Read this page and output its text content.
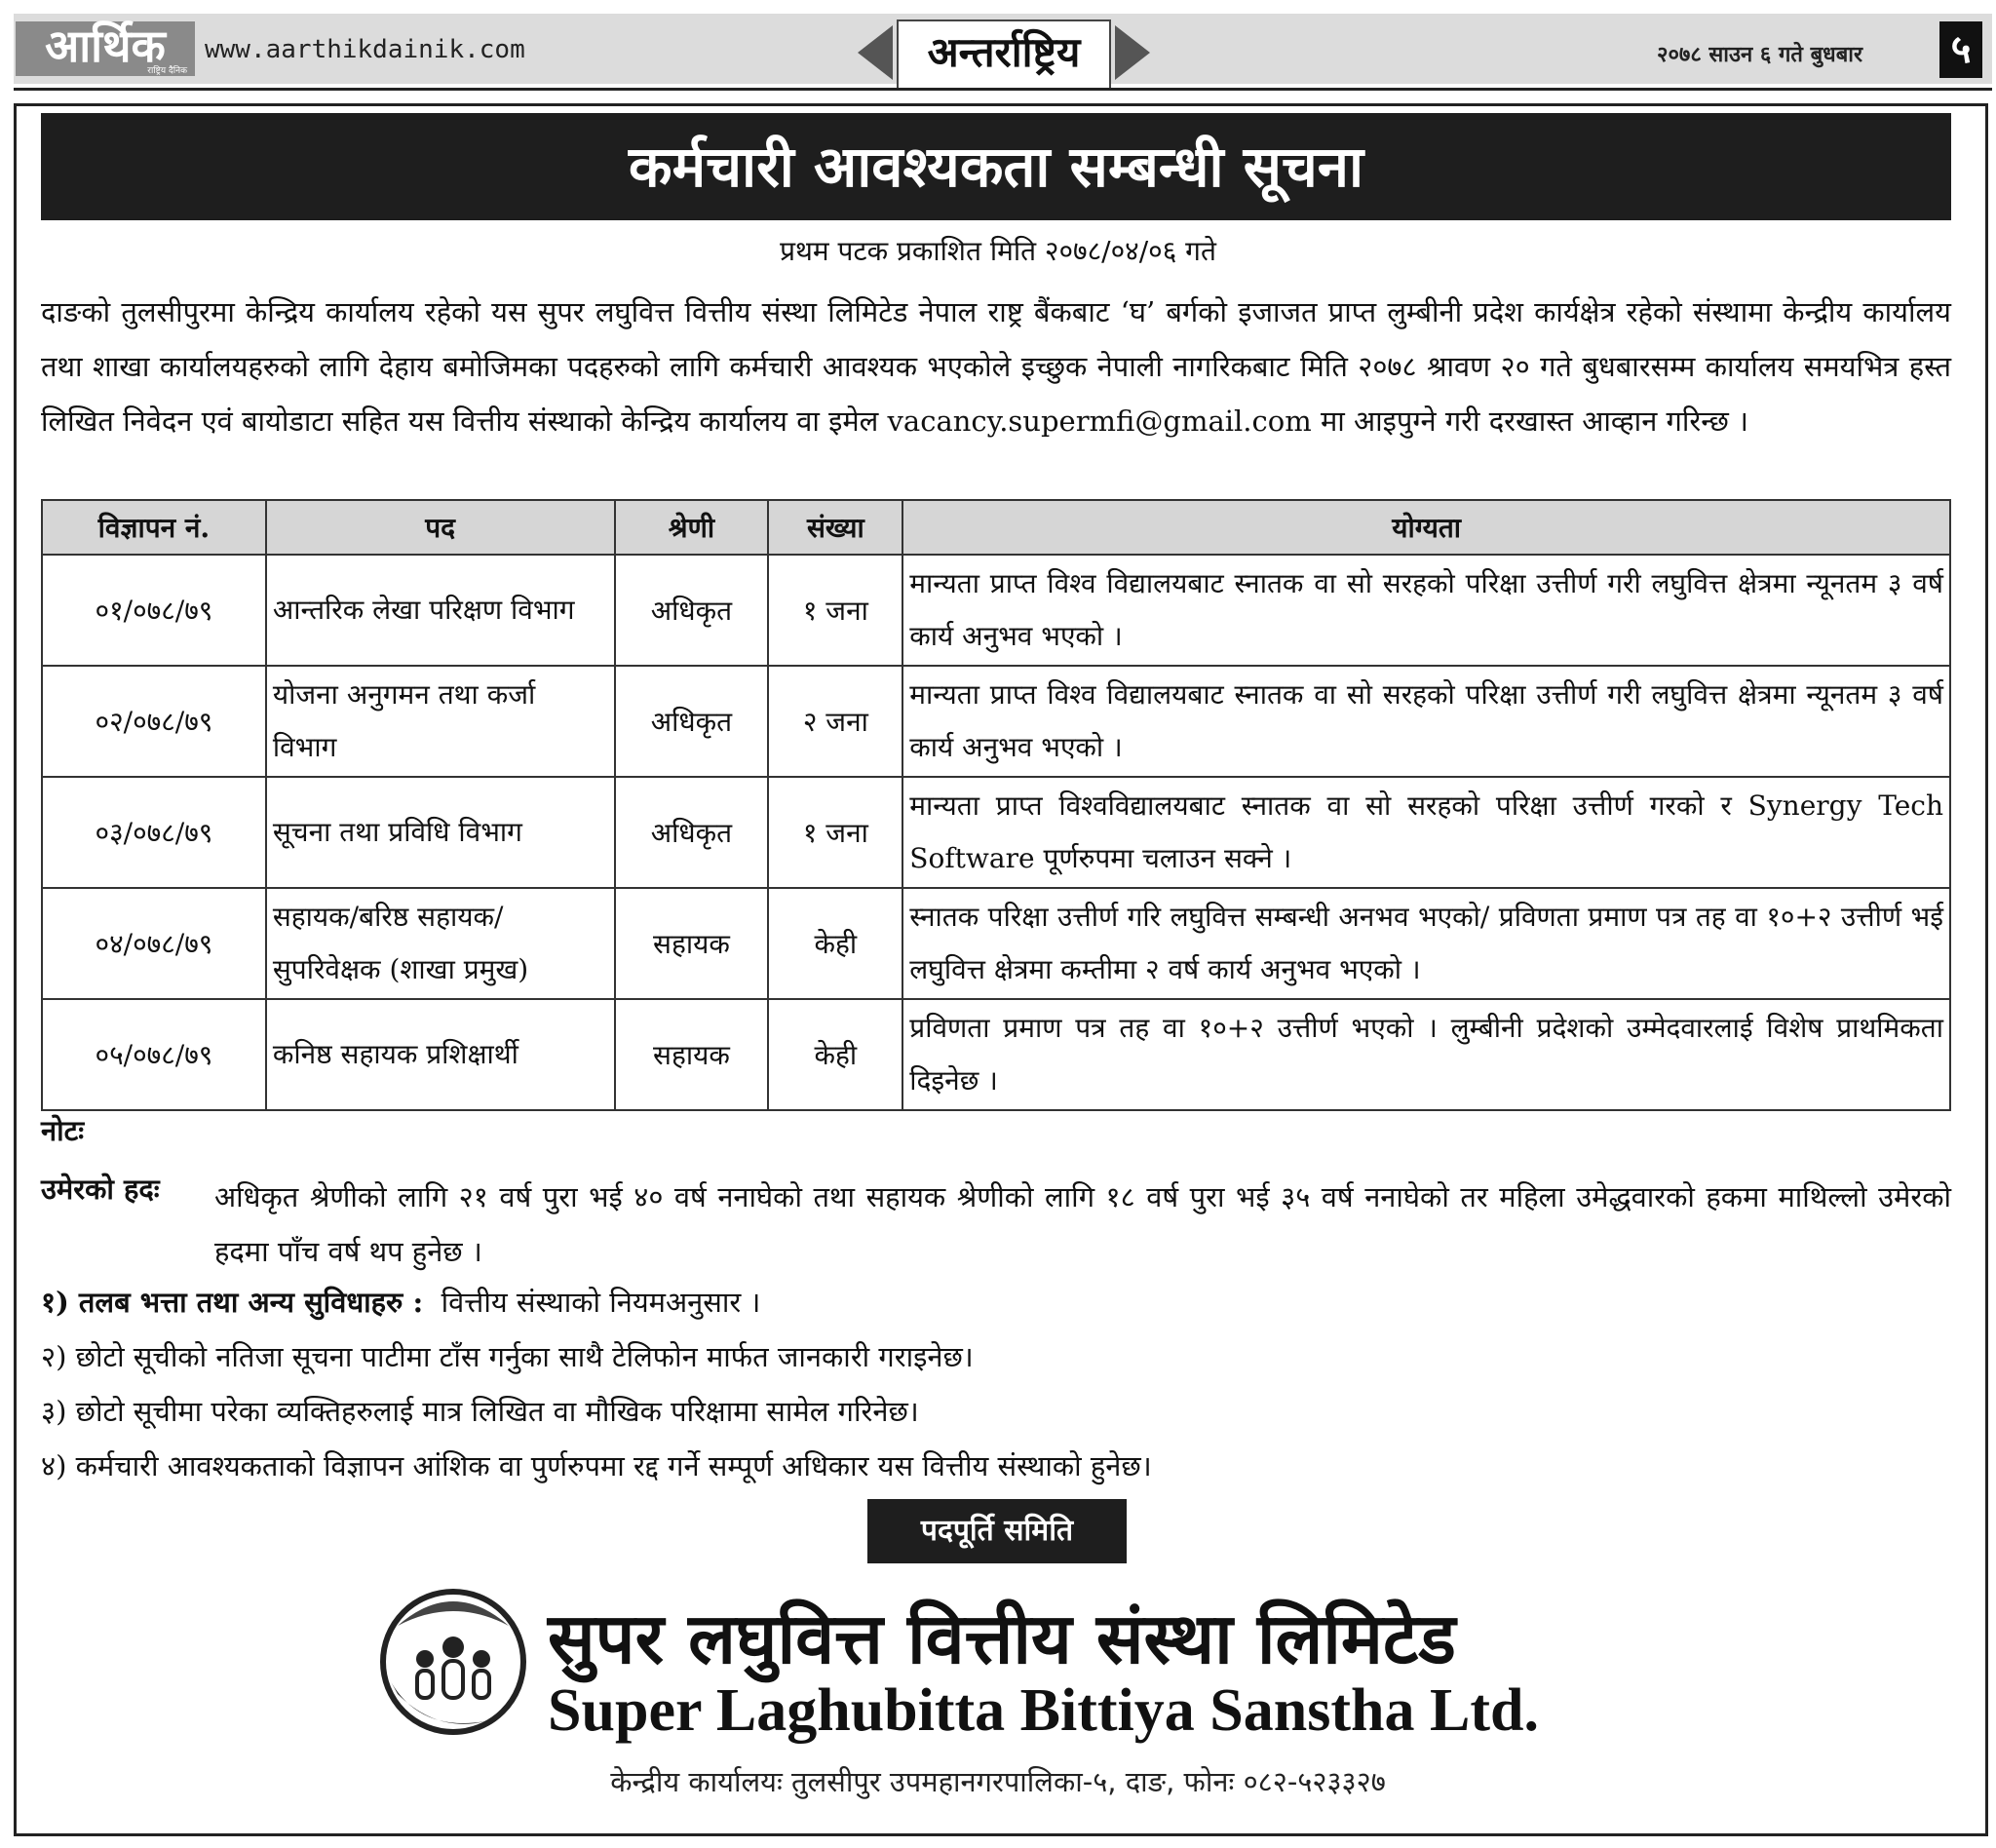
आर्थिक
राष्ट्रिय दैनिक
www.aarthikdainik.com	अन्तर्राष्ट्रिय	२०७८ साउन ६ गते बुधबार ५
कर्मचारी आवश्यकता सम्बन्धी सूचना
प्रथम पटक प्रकाशित मिति २०७८/०४/०६ गते
दाङको तुलसीपुरमा केन्द्रिय कार्यालय रहेको यस सुपर लघुवित्त वित्तीय संस्था लिमिटेड नेपाल राष्ट्र बैंकबाट ‘घ’ बर्गको इजाजत प्राप्त लुम्बीनी प्रदेश कार्यक्षेत्र रहेको संस्थामा केन्द्रीय कार्यालय तथा शाखा कार्यालयहरुको लागि देहाय बमोजिमका पदहरुको लागि कर्मचारी आवश्यक भएकोले इच्छुक नेपाली नागरिकबाट मिति २०७८ श्रावण २० गते बुधबारसम्म कार्यालय समयभित्र हस्त लिखित निवेदन एवं बायोडाटा सहित यस वित्तीय संस्थाको केन्द्रिय कार्यालय वा इमेल vacancy.supermfi@gmail.com मा आइपुग्ने गरी दरखास्त आव्हान गरिन्छ ।
विज्ञापन नं.	पद	श्रेणी	संख्या	योग्यता
०१/०७८/७९	आन्तरिक लेखा परिक्षण विभाग	अधिकृत	१ जना	मान्यता प्राप्त विश्व विद्यालयबाट स्नातक वा सो सरहको परिक्षा उत्तीर्ण गरी लघुवित्त क्षेत्रमा न्यूनतम ३ वर्ष कार्य अनुभव भएको ।
०२/०७८/७९	योजना अनुगमन तथा कर्जा विभाग	अधिकृत	२ जना	मान्यता प्राप्त विश्व विद्यालयबाट स्नातक वा सो सरहको परिक्षा उत्तीर्ण गरी लघुवित्त क्षेत्रमा न्यूनतम ३ वर्ष कार्य अनुभव भएको ।
०३/०७८/७९	सूचना तथा प्रविधि विभाग	अधिकृत	१ जना	मान्यता प्राप्त विश्वविद्यालयबाट स्नातक वा सो सरहको परिक्षा उत्तीर्ण गरको र Synergy Tech Software पूर्णरुपमा चलाउन सक्ने ।
०४/०७८/७९	सहायक/बरिष्ठ सहायक/ सुपरिवेक्षक (शाखा प्रमुख)	सहायक	केही	स्नातक परिक्षा उत्तीर्ण गरि लघुवित्त सम्बन्धी अनभव भएको/ प्रविणता प्रमाण पत्र तह वा १०+२ उत्तीर्ण भई लघुवित्त क्षेत्रमा कम्तीमा २ वर्ष कार्य अनुभव भएको ।
०५/०७८/७९	कनिष्ठ सहायक प्रशिक्षार्थी	सहायक	केही	प्रविणता प्रमाण पत्र तह वा १०+२ उत्तीर्ण भएको । लुम्बीनी प्रदेशको उम्मेदवारलाई विशेष प्राथमिकता दिइनेछ ।
नोटः
उमेरको हदः अधिकृत श्रेणीको लागि २१ वर्ष पुरा भई ४० वर्ष ननाघेको तथा सहायक श्रेणीको लागि १८ वर्ष पुरा भई ३५ वर्ष ननाघेको तर महिला उमेद्धवारको हकमा माथिल्लो उमेरको हदमा पाँच वर्ष थप हुनेछ ।
१) तलब भत्ता तथा अन्य सुविधाहरु : वित्तीय संस्थाको नियमअनुसार ।
२) छोटो सूचीको नतिजा सूचना पाटीमा टाँस गर्नुका साथै टेलिफोन मार्फत जानकारी गराइनेछ।
३) छोटो सूचीमा परेका व्यक्तिहरुलाई मात्र लिखित वा मौखिक परिक्षामा सामेल गरिनेछ।
४) कर्मचारी आवश्यकताको विज्ञापन आंशिक वा पुर्णरुपमा रद्द गर्ने सम्पूर्ण अधिकार यस वित्तीय संस्थाको हुनेछ।
पदपूर्ति समिति
सुपर लघुवित्त वित्तीय संस्था लिमिटेड
Super Laghubitta Bittiya Sanstha Ltd.
केन्द्रीय कार्यालयः तुलसीपुर उपमहानगरपालिका-५, दाङ, फोनः ०८२-५२३३२७
